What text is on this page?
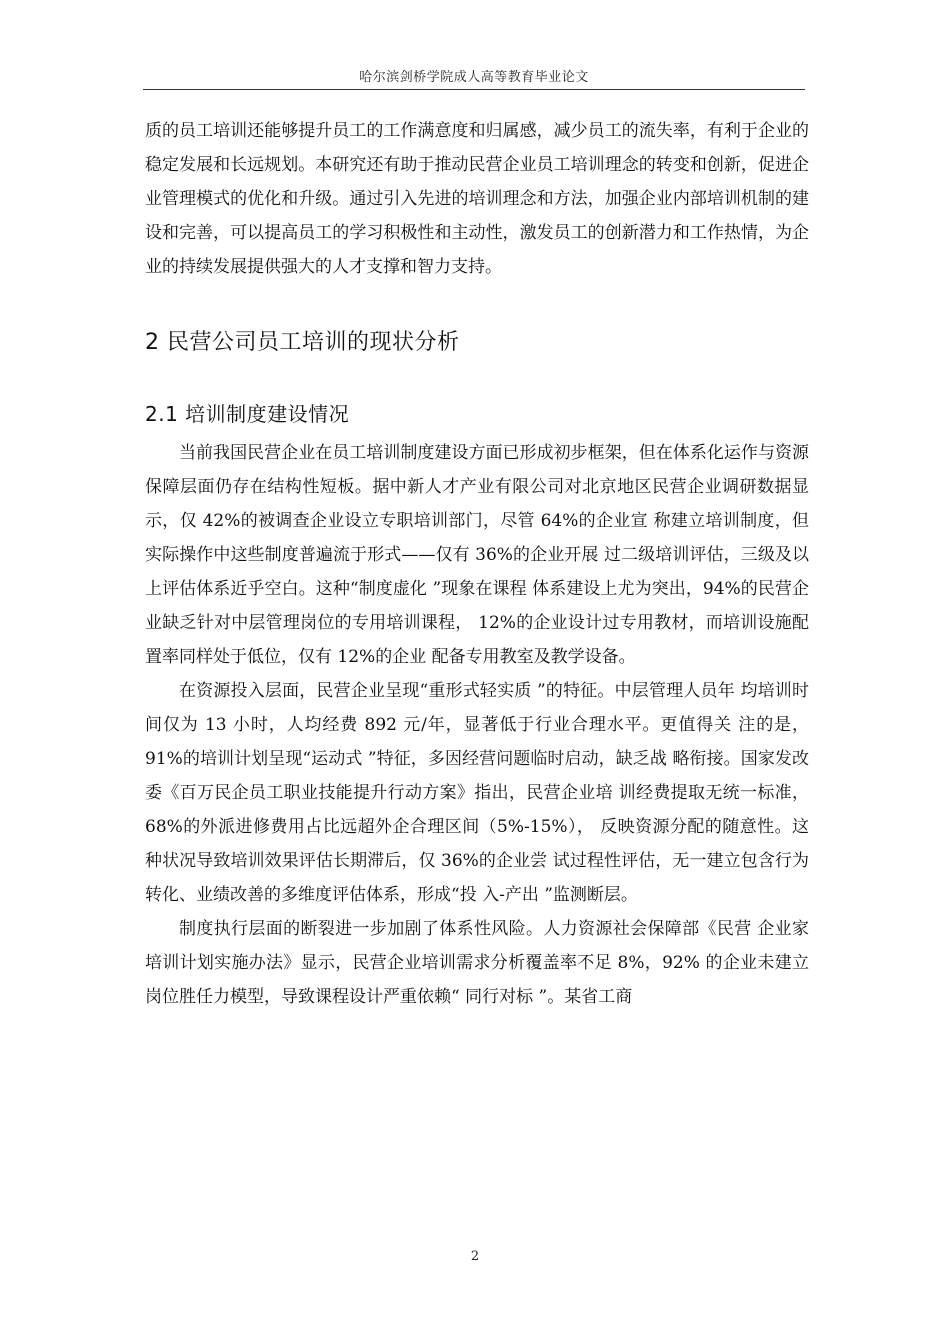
哈尔滨剑桥学院成人高等教育毕业论文

质的员工培训还能够提升员工的工作满意度和归属感，减少员工的流失率，有利于企业的稳定发展和长远规划。本研究还有助于推动民营企业员工培训理念的转变和创新，促进企业管理模式的优化和升级。通过引入先进的培训理念和方法，加强企业内部培训机制的建设和完善，可以提高员工的学习积极性和主动性，激发员工的创新潜力和工作热情，为企业的持续发展提供强大的人才支撑和智力支持。

2 民营公司员工培训的现状分析
2.1 培训制度建设情况

当前我国民营企业在员工培训制度建设方面已形成初步框架，但在体系化运作与资源保障层面仍存在结构性短板。据中新人才产业有限公司对北京地区民营企业调研数据显示，仅 42%的被调查企业设立专职培训部门，尽管 64%的企业宣 称建立培训制度，但实际操作中这些制度普遍流于形式——仅有 36%的企业开展 过二级培训评估，三级及以上评估体系近乎空白。这种“制度虚化 ”现象在课程 体系建设上尤为突出，94%的民营企业缺乏针对中层管理岗位的专用培训课程， 12%的企业设计过专用教材，而培训设施配置率同样处于低位，仅有 12%的企业 配备专用教室及教学设备。

在资源投入层面，民营企业呈现“重形式轻实质 ”的特征。中层管理人员年 均培训时间仅为 13 小时，人均经费 892 元/年，显著低于行业合理水平。更值得关 注的是，91%的培训计划呈现“运动式 ”特征，多因经营问题临时启动，缺乏战 略衔接。国家发改委《百万民企员工职业技能提升行动方案》指出，民营企业培 训经费提取无统一标准，68%的外派进修费用占比远超外企合理区间（5%-15%）， 反映资源分配的随意性。这种状况导致培训效果评估长期滞后，仅 36%的企业尝 试过程性评估，无一建立包含行为转化、业绩改善的多维度评估体系，形成“投 入-产出 ”监测断层。

制度执行层面的断裂进一步加剧了体系性风险。人力资源社会保障部《民营 企业家培训计划实施办法》显示，民营企业培训需求分析覆盖率不足 8%，92% 的企业未建立岗位胜任力模型，导致课程设计严重依赖“ 同行对标 ”。某省工商

2
